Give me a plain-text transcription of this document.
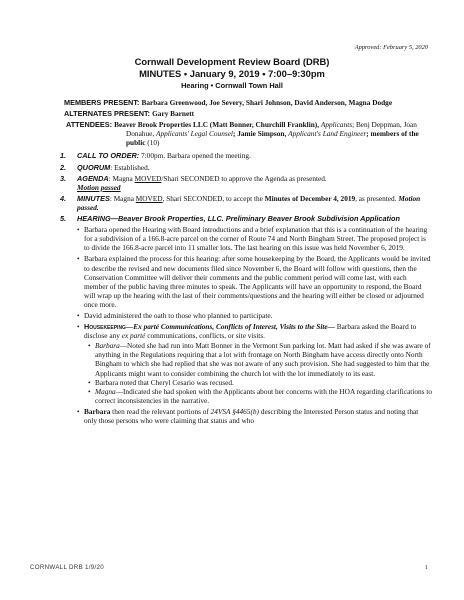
Approved: February 5, 2020
Cornwall Development Review Board (DRB)
MINUTES • January 9, 2019 • 7:00–9:30pm
Hearing • Cornwall Town Hall
MEMBERS PRESENT: Barbara Greenwood, Joe Severy, Shari Johnson, David Anderson, Magna Dodge
ALTERNATES PRESENT: Gary Barnett
ATTENDEES: Beaver Brook Properties LLC (Matt Bonner, Churchill Franklin), Applicants; Benj Deppman, Joan Donahue, Applicants' Legal Counsel; Jamie Simpson, Applicant's Land Engineer; members of the public (10)
1. CALL TO ORDER: 7:00pm. Barbara opened the meeting.
2. QUORUM: Established.
3. AGENDA: Magna MOVED/Shari SECONDED to approve the Agenda as presented.
Motion passed
4. MINUTES: Magna MOVED, Shari SECONDED, to accept the Minutes of December 4, 2019, as presented. Motion passed.
5. HEARING—Beaver Brook Properties, LLC. Preliminary Beaver Brook Subdivision Application
• Barbara opened the Hearing with Board introductions and a brief explanation that this is a continuation of the hearing for a subdivision of a 166.8-acre parcel on the corner of Route 74 and North Bingham Street. The proposed project is to divide the 166.8-acre parcel into 11 smaller lots. The last hearing on this issue was held November 6, 2019.
• Barbara explained the process for this hearing: after some housekeeping by the Board, the Applicants would be invited to describe the revised and new documents filed since November 6, the Board will follow with questions, then the Conservation Committee will deliver their comments and the public comment period will come last, with each member of the public having three minutes to speak. The Applicants will have an opportunity to respond, the Board will wrap up the hearing with the last of their comments/questions and the hearing will either be closed or adjourned once more.
• David administered the oath to those who planned to participate.
• Housekeeping—Ex parté Communications, Conflicts of Interest, Visits to the Site— Barbara asked the Board to disclose any ex parté communications, conflicts, or site visits.
• Barbara—Noted she had run into Matt Bonner in the Vermont Sun parking lot. Matt had asked if she was aware of anything in the Regulations requiring that a lot with frontage on North Bingham have access directly onto North Bingham to which she had replied that she was not aware of any such provision. She had suggested to him that the Applicants might want to consider combining the church lot with the lot immediately to its east.
• Barbara noted that Cheryl Cesario was recused.
• Magna—Indicated she had spoken with the Applicants about her concerns with the HOA regarding clarifications to correct inconsistencies in the narrative.
• Barbara then read the relevant portions of 24VSA §4465(b) describing the Interested Person status and noting that only those persons who were claiming that status and who
CORNWALL DRB 1/9/20	1
